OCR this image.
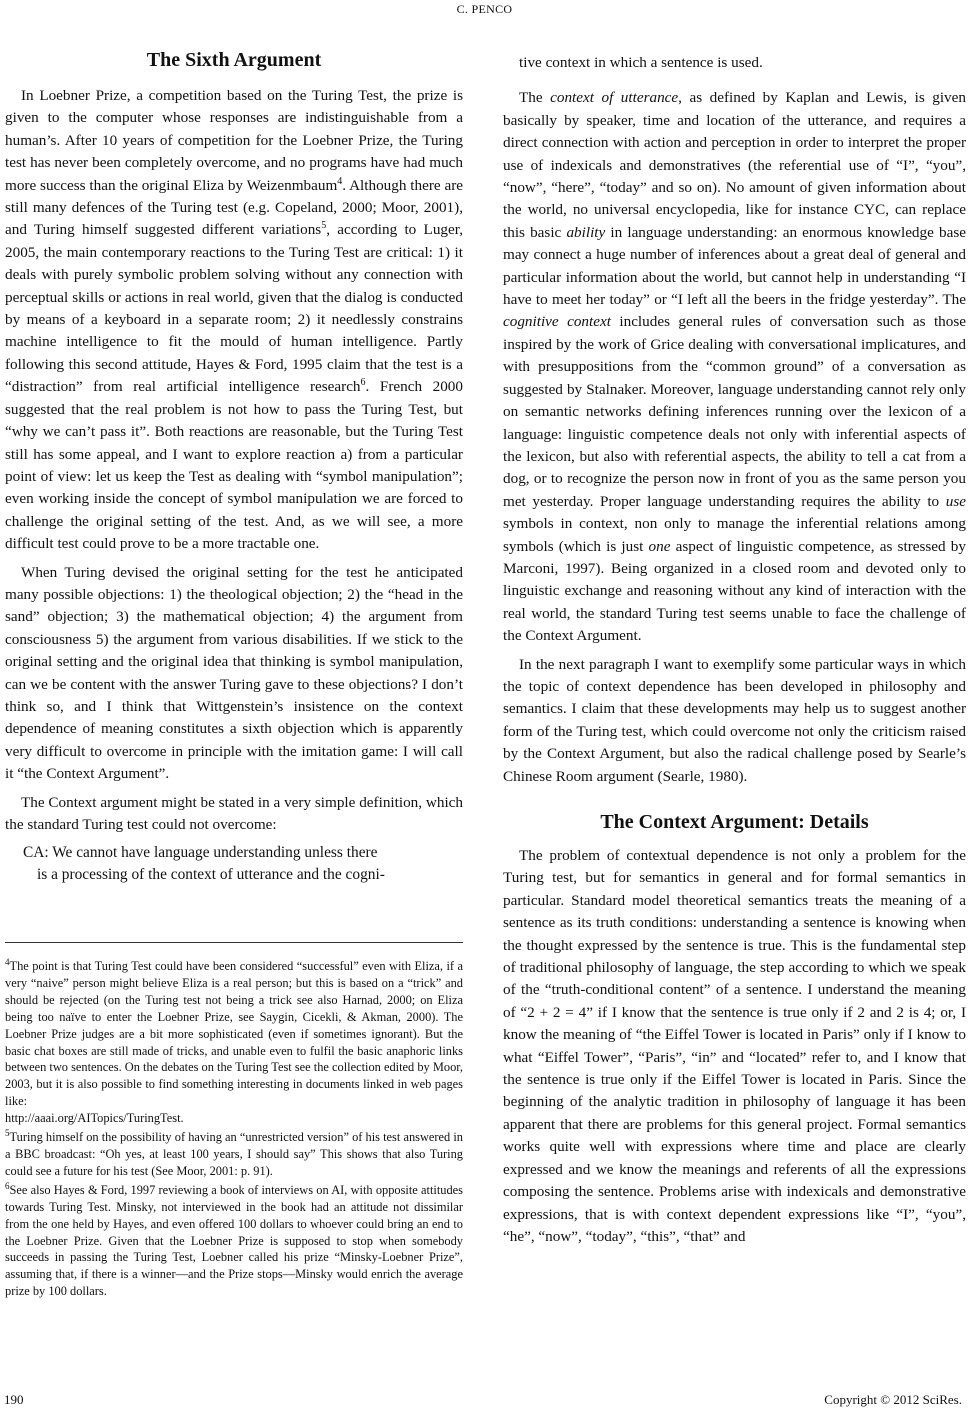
C. PENCO
The Sixth Argument

In Loebner Prize, a competition based on the Turing Test, the prize is given to the computer whose responses are indistinguishable from a human’s. After 10 years of competition for the Loebner Prize, the Turing test has never been completely overcome, and no programs have had much more success than the original Eliza by Weizenmbaum$^4$. Although there are still many defences of the Turing test (e.g. Copeland, 2000; Moor, 2001), and Turing himself suggested different variations$^5$, according to Luger, 2005, the main contemporary reactions to the Turing Test are critical: 1) it deals with purely symbolic problem solving without any connection with perceptual skills or actions in real world, given that the dialog is conducted by means of a keyboard in a separate room; 2) it needlessly constrains machine intelligence to fit the mould of human intelligence. Partly following this second attitude, Hayes & Ford, 1995 claim that the test is a “distraction” from real artificial intelligence research$^6$. French 2000 suggested that the real problem is not how to pass the Turing Test, but “why we can’t pass it”. Both reactions are reasonable, but the Turing Test still has some appeal, and I want to explore reaction a) from a particular point of view: let us keep the Test as dealing with “symbol manipulation”; even working inside the concept of symbol manipulation we are forced to challenge the original setting of the test. And, as we will see, a more difficult test could prove to be a more tractable one.

When Turing devised the original setting for the test he anticipated many possible objections: 1) the theological objection; 2) the “head in the sand” objection; 3) the mathematical objection; 4) the argument from consciousness 5) the argument from various disabilities. If we stick to the original setting and the original idea that thinking is symbol manipulation, can we be content with the answer Turing gave to these objections? I don’t think so, and I think that Wittgenstein’s insistence on the context dependence of meaning constitutes a sixth objection which is apparently very difficult to overcome in principle with the imitation game: I will call it “the Context Argument”.

The Context argument might be stated in a very simple definition, which the standard Turing test could not overcome:

CA: We cannot have language understanding unless there
is a processing of the context of utterance and the cogni-

$^4$The point is that Turing Test could have been considered “successful” even with Eliza, if a very “naive” person might believe Eliza is a real person; but this is based on a “trick” and should be rejected (on the Turing test not being a trick see also Harnad, 2000; on Eliza being too naïve to enter the Loebner Prize, see Saygin, Cicekli, & Akman, 2000). The Loebner Prize judges are a bit more sophisticated (even if sometimes ignorant). But the basic chat boxes are still made of tricks, and unable even to fulfil the basic anaphoric links between two sentences. On the debates on the Turing Test see the collection edited by Moor, 2003, but it is also possible to find something interesting in documents linked in web pages like:
http://aaai.org/AITopics/TuringTest.

$^5$Turing himself on the possibility of having an “unrestricted version” of his test answered in a BBC broadcast: “Oh yes, at least 100 years, I should say” This shows that also Turing could see a future for his test (See Moor, 2001: p. 91).

$^6$See also Hayes & Ford, 1997 reviewing a book of interviews on AI, with opposite attitudes towards Turing Test. Minsky, not interviewed in the book had an attitude not dissimilar from the one held by Hayes, and even offered 100 dollars to whoever could bring an end to the Loebner Prize. Given that the Loebner Prize is supposed to stop when somebody succeeds in passing the Turing Test, Loebner called his prize “Minsky-Loebner Prize”, assuming that, if there is a winner—and the Prize stops—Minsky would enrich the average prize by 100 dollars.

tive context in which a sentence is used.

The context of utterance, as defined by Kaplan and Lewis, is given basically by speaker, time and location of the utterance, and requires a direct connection with action and perception in order to interpret the proper use of indexicals and demonstratives (the referential use of “I”, “you”, “now”, “here”, “today” and so on). No amount of given information about the world, no universal encyclopedia, like for instance CYC, can replace this basic ability in language understanding: an enormous knowledge base may connect a huge number of inferences about a great deal of general and particular information about the world, but cannot help in understanding “I have to meet her today” or “I left all the beers in the fridge yesterday”. The cognitive context includes general rules of conversation such as those inspired by the work of Grice dealing with conversational implicatures, and with presuppositions from the “common ground” of a conversation as suggested by Stalnaker. Moreover, language understanding cannot rely only on semantic networks defining inferences running over the lexicon of a language: linguistic competence deals not only with inferential aspects of the lexicon, but also with referential aspects, the ability to tell a cat from a dog, or to recognize the person now in front of you as the same person you met yesterday. Proper language understanding requires the ability to use symbols in context, non only to manage the inferential relations among symbols (which is just one aspect of linguistic competence, as stressed by Marconi, 1997). Being organized in a closed room and devoted only to linguistic exchange and reasoning without any kind of interaction with the real world, the standard Turing test seems unable to face the challenge of the Context Argument.

In the next paragraph I want to exemplify some particular ways in which the topic of context dependence has been developed in philosophy and semantics. I claim that these developments may help us to suggest another form of the Turing test, which could overcome not only the criticism raised by the Context Argument, but also the radical challenge posed by Searle’s Chinese Room argument (Searle, 1980).

The Context Argument: Details

The problem of contextual dependence is not only a problem for the Turing test, but for semantics in general and for formal semantics in particular. Standard model theoretical semantics treats the meaning of a sentence as its truth conditions: understanding a sentence is knowing when the thought expressed by the sentence is true. This is the fundamental step of traditional philosophy of language, the step according to which we speak of the “truth-conditional content” of a sentence. I understand the meaning of “2 + 2 = 4” if I know that the sentence is true only if 2 and 2 is 4; or, I know the meaning of “the Eiffel Tower is located in Paris” only if I know to what “Eiffel Tower”, “Paris”, “in” and “located” refer to, and I know that the sentence is true only if the Eiffel Tower is located in Paris. Since the beginning of the analytic tradition in philosophy of language it has been apparent that there are problems for this general project. Formal semantics works quite well with expressions where time and place are clearly expressed and we know the meanings and referents of all the expressions composing the sentence. Problems arise with indexicals and demonstrative expressions, that is with context dependent expressions like “I”, “you”, “he”, “now”, “today”, “this”, “that” and

190	Copyright © 2012 SciRes.
